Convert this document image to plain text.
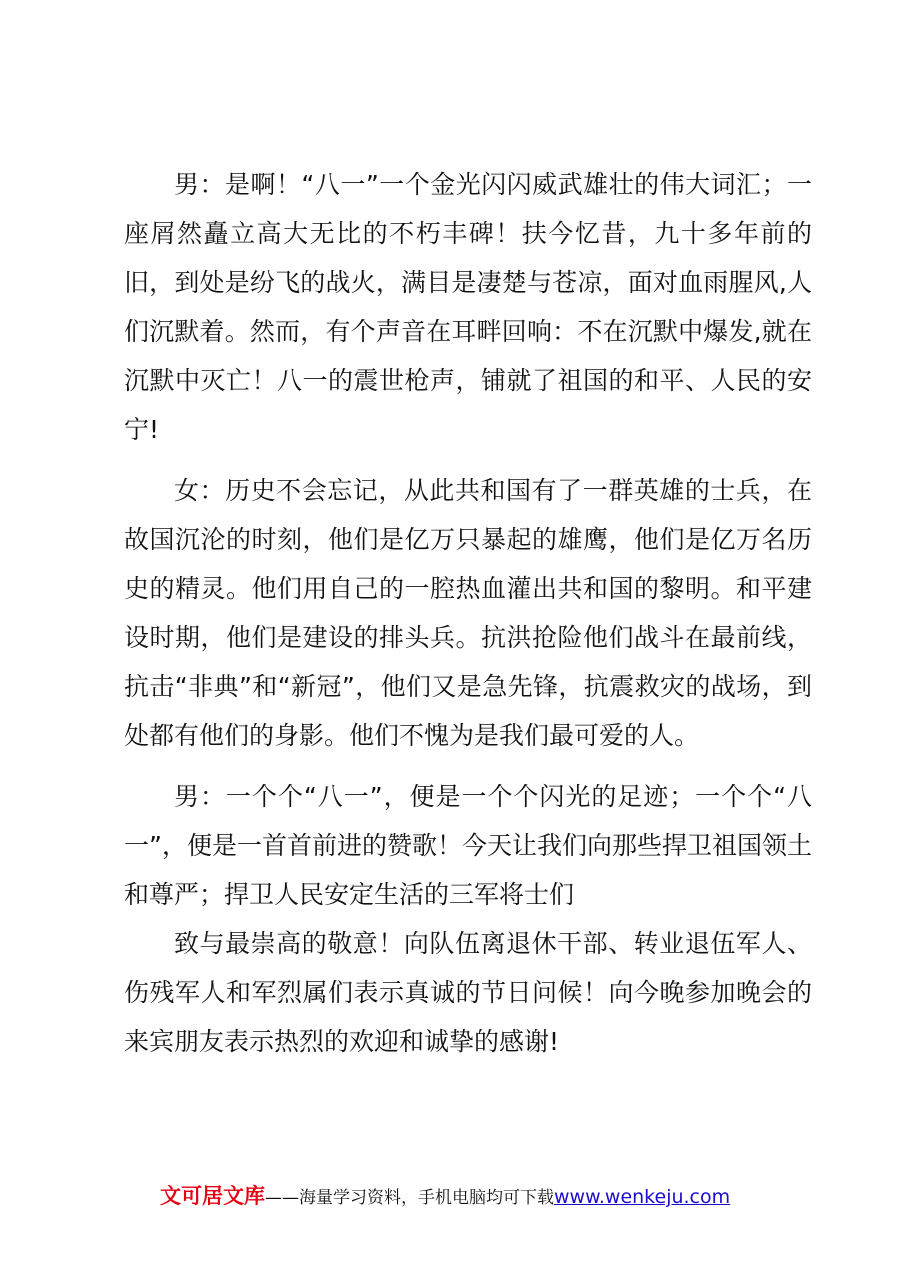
男：是啊！“八一”一个金光闪闪威武雄壮的伟大词汇；一座屑然矗立高大无比的不朽丰碑！扶今忆昔，九十多年前的旧，到处是纷飞的战火，满目是凄楚与苍凉，面对血雨腥风,人们沉默着。然而，有个声音在耳畔回响：不在沉默中爆发,就在沉默中灭亡！八一的震世枪声，铺就了祖国的和平、人民的安宁!

女：历史不会忘记，从此共和国有了一群英雄的士兵，在故国沉沦的时刻，他们是亿万只暴起的雄鹰，他们是亿万名历史的精灵。他们用自己的一腔热血灌出共和国的黎明。和平建设时期，他们是建设的排头兵。抗洪抢险他们战斗在最前线，抗击“非典”和“新冠”，他们又是急先锋，抗震救灾的战场，到处都有他们的身影。他们不愧为是我们最可爱的人。

男：一个个“八一”，便是一个个闪光的足迹；一个个“八一”，便是一首首前进的赞歌！今天让我们向那些捍卫祖国领土和尊严；捍卫人民安定生活的三军将士们

致与最崇高的敬意！向队伍离退休干部、转业退伍军人、伤残军人和军烈属们表示真诚的节日问候！向今晚参加晚会的来宾朋友表示热烈的欢迎和诚挚的感谢!

文可居文库——海量学习资料，手机电脑均可下载www.wenkeju.com
